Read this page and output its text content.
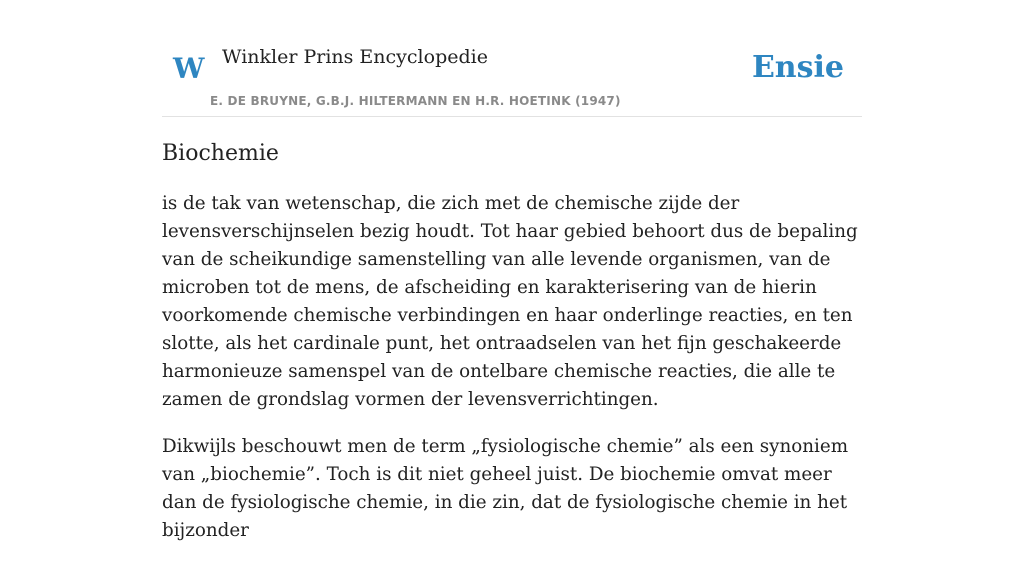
W Winkler Prins Encyclopedie
E. DE BRUYNE, G.B.J. HILTERMANN EN H.R. HOETINK (1947)
Ensie
Biochemie

is de tak van wetenschap, die zich met de chemische zijde der levensverschijnselen bezig houdt. Tot haar gebied behoort dus de bepaling van de scheikundige samenstelling van alle levende organismen, van de microben tot de mens, de afscheiding en karakterisering van de hierin voorkomende chemische verbindingen en haar onderlinge reacties, en ten slotte, als het cardinale punt, het ontraadselen van het fijn geschakeerde harmonieuze samenspel van de ontelbare chemische reacties, die alle te zamen de grondslag vormen der levensverrichtingen.

Dikwijls beschouwt men de term „fysiologische chemie” als een synoniem van „biochemie”. Toch is dit niet geheel juist. De biochemie omvat meer dan de fysiologische chemie, in die zin, dat de fysiologische chemie in het bijzonder
